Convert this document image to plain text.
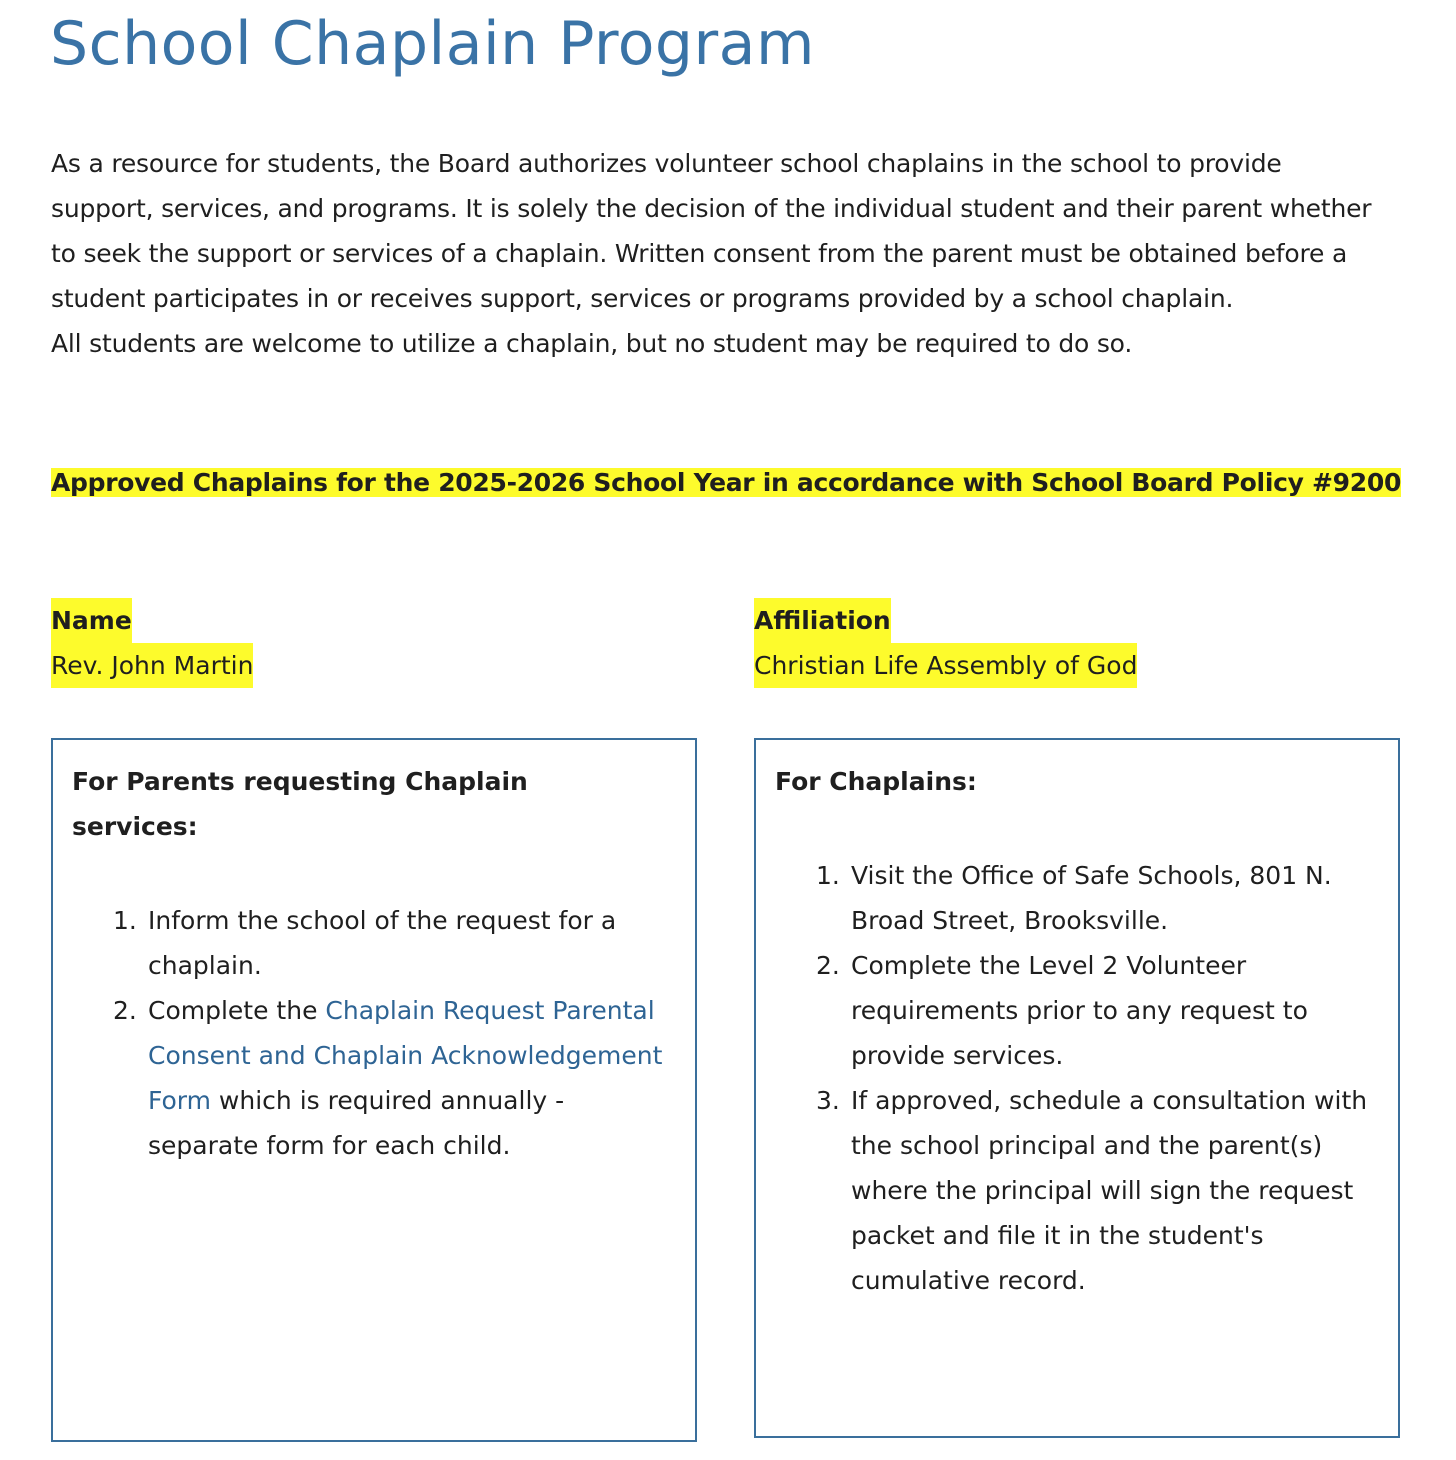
School Chaplain Program

As a resource for students, the Board authorizes volunteer school chaplains in the school to provide support, services, and programs. It is solely the decision of the individual student and their parent whether to seek the support or services of a chaplain. Written consent from the parent must be obtained before a student participates in or receives support, services or programs provided by a school chaplain.

All students are welcome to utilize a chaplain, but no student may be required to do so.

Approved Chaplains for the 2025-2026 School Year in accordance with School Board Policy #9200

Name
Rev. John Martin
Affiliation
Christian Life Assembly of God
For Parents requesting Chaplain services:
1. Inform the school of the request for a chaplain.
2. Complete the Chaplain Request Parental Consent and Chaplain Acknowledgement Form which is required annually - separate form for each child.
For Chaplains:
1. Visit the Office of Safe Schools, 801 N. Broad Street, Brooksville.
2. Complete the Level 2 Volunteer requirements prior to any request to provide services.
3. If approved, schedule a consultation with the school principal and the parent(s) where the principal will sign the request packet and file it in the student's cumulative record.
